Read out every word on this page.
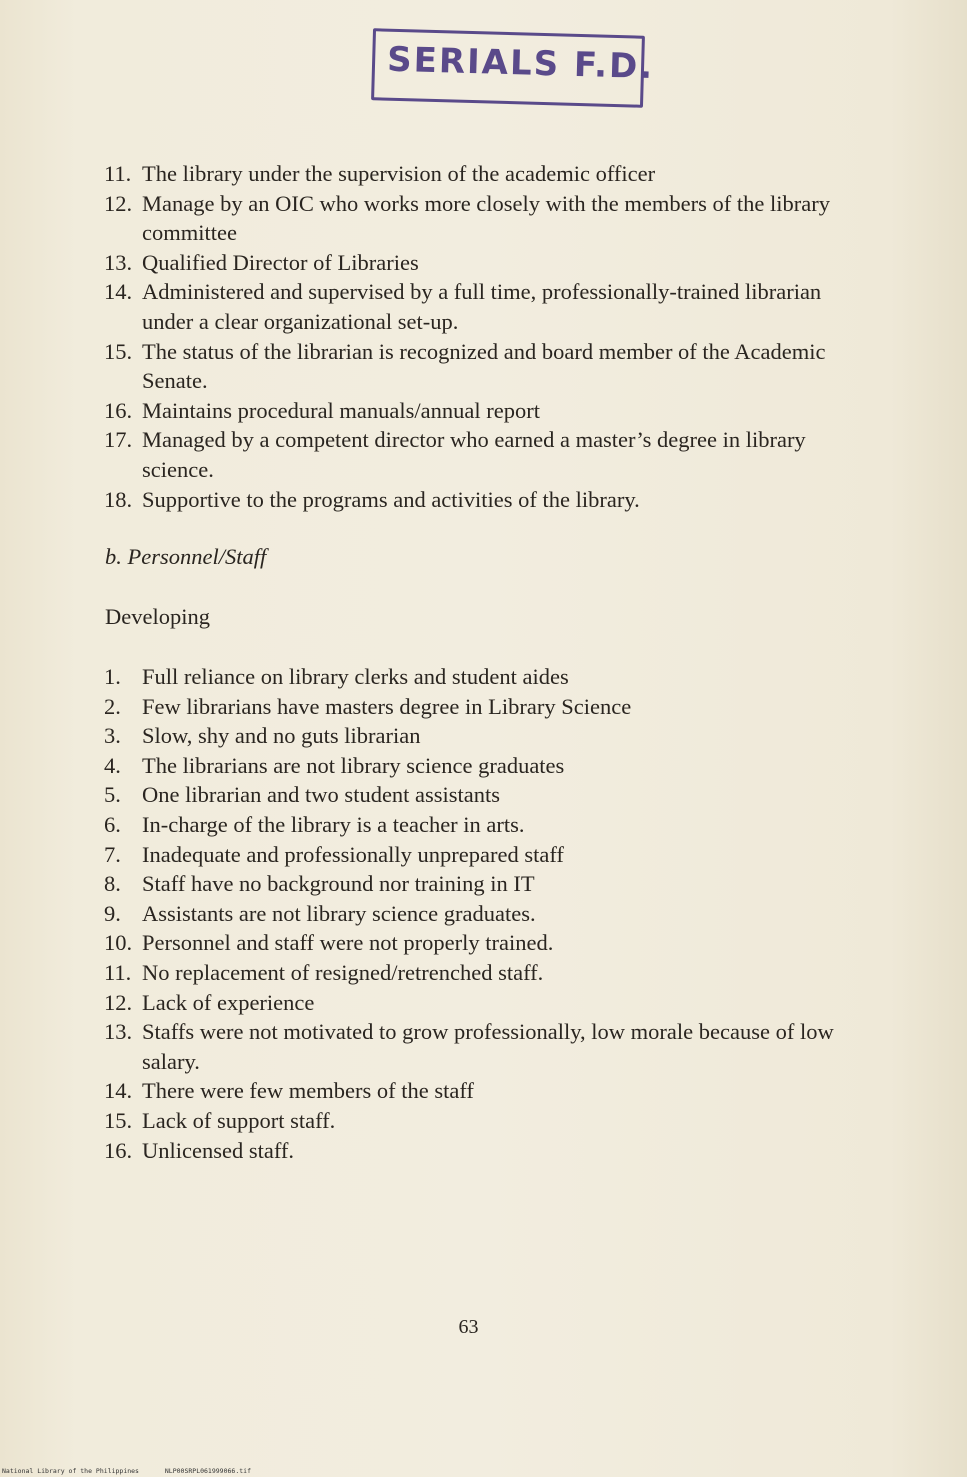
SERIALS F.D.
11. The library under the supervision of the academic officer
12. Manage by an OIC who works more closely with the members of the library committee
13. Qualified Director of Libraries
14. Administered and supervised by a full time, professionally-trained librarian under a clear organizational set-up.
15. The status of the librarian is recognized and board member of the Academic Senate.
16. Maintains procedural manuals/annual report
17. Managed by a competent director who earned a master’s degree in library science.
18. Supportive to the programs and activities of the library.
b. Personnel/Staff
Developing
1. Full reliance on library clerks and student aides
2. Few librarians have masters degree in Library Science
3. Slow, shy and no guts librarian
4. The librarians are not library science graduates
5. One librarian and two student assistants
6. In-charge of the library is a teacher in arts.
7. Inadequate and professionally unprepared staff
8. Staff have no background nor training in IT
9. Assistants are not library science graduates.
10. Personnel and staff were not properly trained.
11. No replacement of resigned/retrenched staff.
12. Lack of experience
13. Staffs were not motivated to grow professionally, low morale because of low salary.
14. There were few members of the staff
15. Lack of support staff.
16. Unlicensed staff.
63
National Library of the Philippines	NLP00SRPL061999066.tif
